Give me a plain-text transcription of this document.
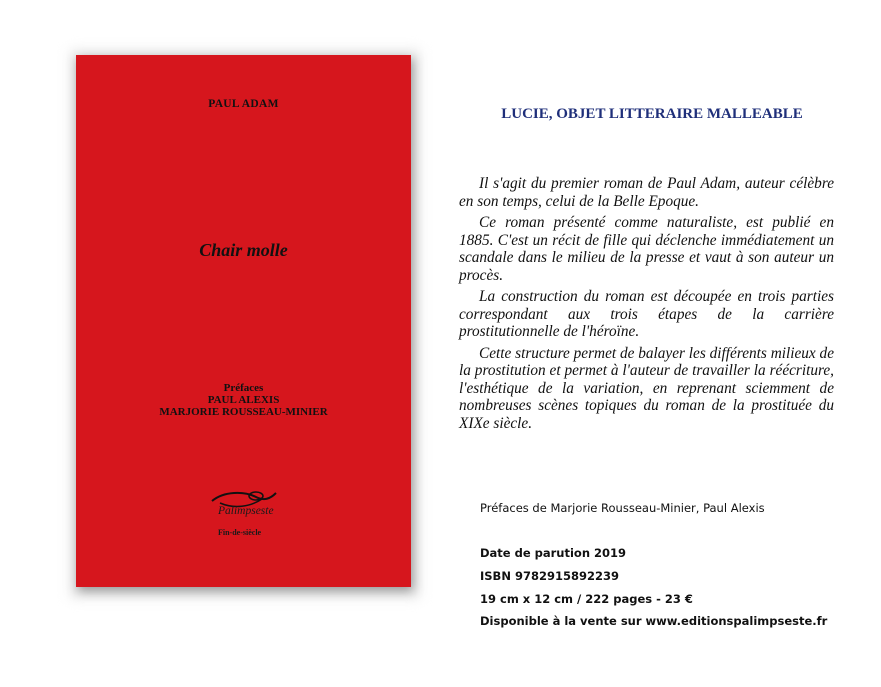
PAUL ADAM
Chair molle
Préfaces
PAUL ALEXIS
MARJORIE ROUSSEAU-MINIER
Palimpseste
Fin-de-siècle
LUCIE, OBJET LITTERAIRE MALLEABLE

Il s'agit du premier roman de Paul Adam, auteur célèbre en son temps, celui de la Belle Epoque.

Ce roman présenté comme naturaliste, est publié en 1885. C'est un récit de fille qui déclenche immédiatement un scandale dans le milieu de la presse et vaut à son auteur un procès.

La construction du roman est découpée en trois parties correspondant aux trois étapes de la carrière prostitutionnelle de l'héroïne.

Cette structure permet de balayer les différents milieux de la prostitution et permet à l'auteur de travailler la réécriture, l'esthétique de la variation, en reprenant sciemment de nombreuses scènes topiques du roman de la prostituée du XIXe siècle.

Préfaces de Marjorie Rousseau-Minier, Paul Alexis
Date de parution 2019
ISBN 9782915892239
19 cm x 12 cm / 222 pages - 23 €
Disponible à la vente sur www.editionspalimpseste.fr
